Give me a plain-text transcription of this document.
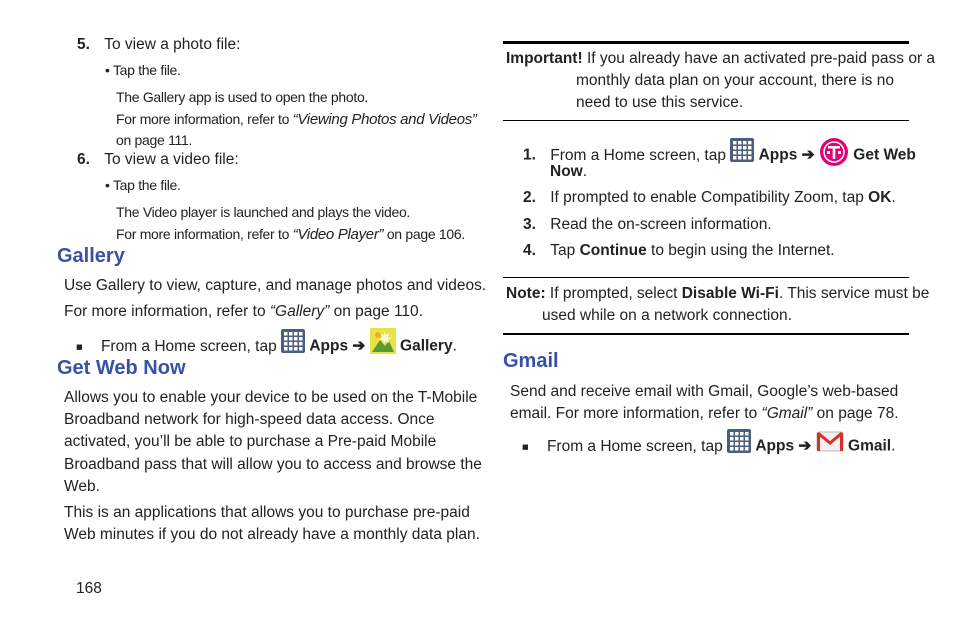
5. To view a photo file:
• Tap the file.
The Gallery app is used to open the photo.
For more information, refer to “Viewing Photos and Videos”
on page 111.
6. To view a video file:
• Tap the file.
The Video player is launched and plays the video.
For more information, refer to “Video Player” on page 106.
Gallery
Use Gallery to view, capture, and manage photos and videos.
For more information, refer to “Gallery” on page 110.
■ From a Home screen, tap  Apps ➔ Gallery.
Get Web Now
Allows you to enable your device to be used on the T-Mobile
Broadband network for high-speed data access. Once
activated, you’ll be able to purchase a Pre-paid Mobile
Broadband pass that will allow you to access and browse the
Web.
This is an applications that allows you to purchase pre-paid
Web minutes if you do not already have a monthly data plan.
168
Important! If you already have an activated pre-paid pass or a
monthly data plan on your account, there is no
need to use this service.
1. From a Home screen, tap  Apps ➔ Get Web
Now.
2. If prompted to enable Compatibility Zoom, tap OK.
3. Read the on-screen information.
4. Tap Continue to begin using the Internet.
Note: If prompted, select Disable Wi-Fi. This service must be
used while on a network connection.
Gmail
Send and receive email with Gmail, Google’s web-based
email. For more information, refer to “Gmail” on page 78.
■ From a Home screen, tap  Apps ➔ Gmail.
